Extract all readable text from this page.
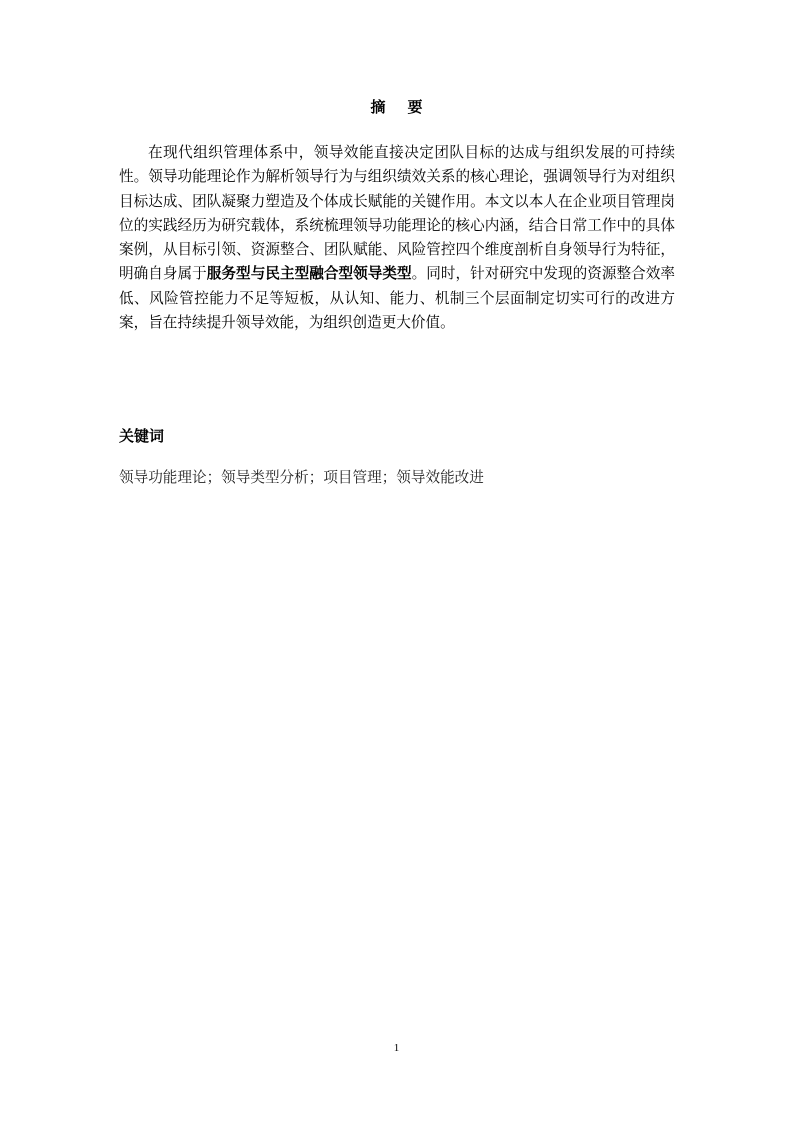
摘 要

在现代组织管理体系中，领导效能直接决定团队目标的达成与组织发展的可持续性。领导功能理论作为解析领导行为与组织绩效关系的核心理论，强调领导行为对组织目标达成、团队凝聚力塑造及个体成长赋能的关键作用。本文以本人在企业项目管理岗位的实践经历为研究载体，系统梳理领导功能理论的核心内涵，结合日常工作中的具体案例，从目标引领、资源整合、团队赋能、风险管控四个维度剖析自身领导行为特征，明确自身属于服务型与民主型融合型领导类型。同时，针对研究中发现的资源整合效率低、风险管控能力不足等短板，从认知、能力、机制三个层面制定切实可行的改进方案，旨在持续提升领导效能，为组织创造更大价值。

关键词
领导功能理论；领导类型分析；项目管理；领导效能改进
1
